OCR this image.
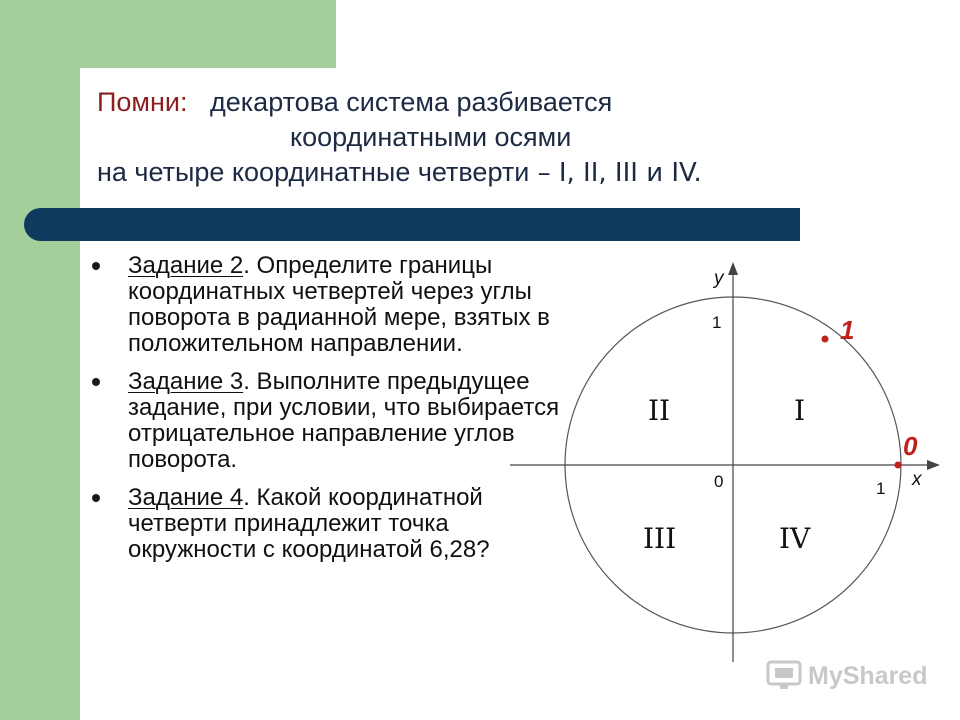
Помни: декартова система разбивается
координатными осями
на четыре координатные четверти – I, II, III и IV.
Задание 2. Определите границы координатных четвертей через углы поворота в радианной мере, взятых в положительном направлении.
Задание 3. Выполните предыдущее задание, при условии, что выбирается отрицательное направление углов поворота.
Задание 4. Какой координатной четверти принадлежит точка окружности с координатой 6,28?
y
x
1
0	1
II	I
III	IV
0
1
MyShared
